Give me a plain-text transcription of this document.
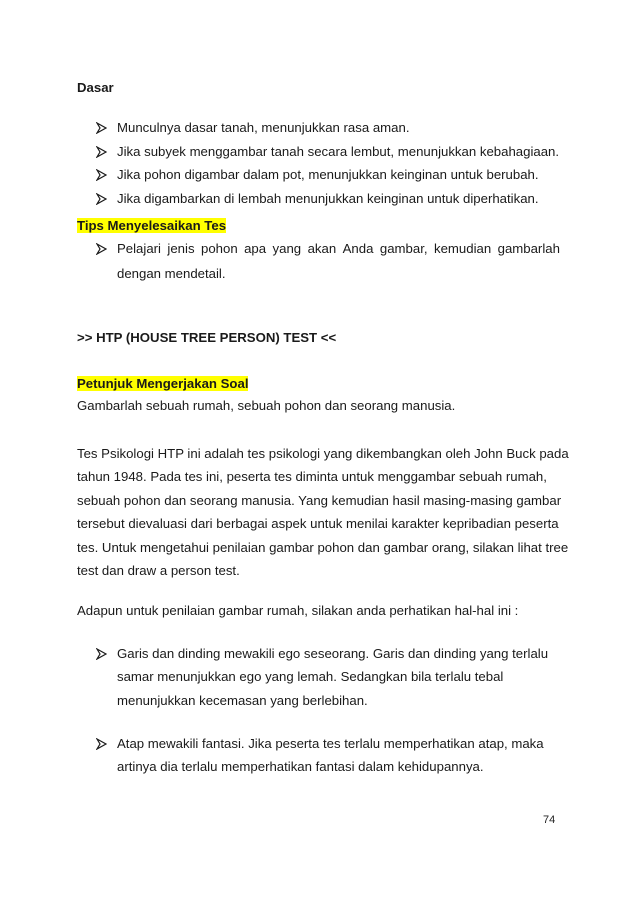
Dasar
Munculnya dasar tanah, menunjukkan rasa aman.
Jika subyek menggambar tanah secara lembut, menunjukkan kebahagiaan.
Jika pohon digambar dalam pot, menunjukkan keinginan untuk berubah.
Jika digambarkan di lembah menunjukkan keinginan untuk diperhatikan.
Tips Menyelesaikan Tes
Pelajari jenis pohon apa yang akan Anda gambar, kemudian gambarlah
dengan mendetail.
>> HTP (HOUSE TREE PERSON) TEST <<
Petunjuk Mengerjakan Soal
Gambarlah sebuah rumah, sebuah pohon dan seorang manusia.
Tes Psikologi HTP ini adalah tes psikologi yang dikembangkan oleh John Buck pada
tahun 1948. Pada tes ini, peserta tes diminta untuk menggambar sebuah rumah,
sebuah pohon dan seorang manusia. Yang kemudian hasil masing-masing gambar
tersebut dievaluasi dari berbagai aspek untuk menilai karakter kepribadian peserta
tes. Untuk mengetahui penilaian gambar pohon dan gambar orang, silakan lihat tree
test dan draw a person test.
Adapun untuk penilaian gambar rumah, silakan anda perhatikan hal-hal ini :
Garis dan dinding mewakili ego seseorang. Garis dan dinding yang terlalu
samar menunjukkan ego yang lemah. Sedangkan bila terlalu tebal
menunjukkan kecemasan yang berlebihan.
Atap mewakili fantasi. Jika peserta tes terlalu memperhatikan atap, maka
artinya dia terlalu memperhatikan fantasi dalam kehidupannya.
74
